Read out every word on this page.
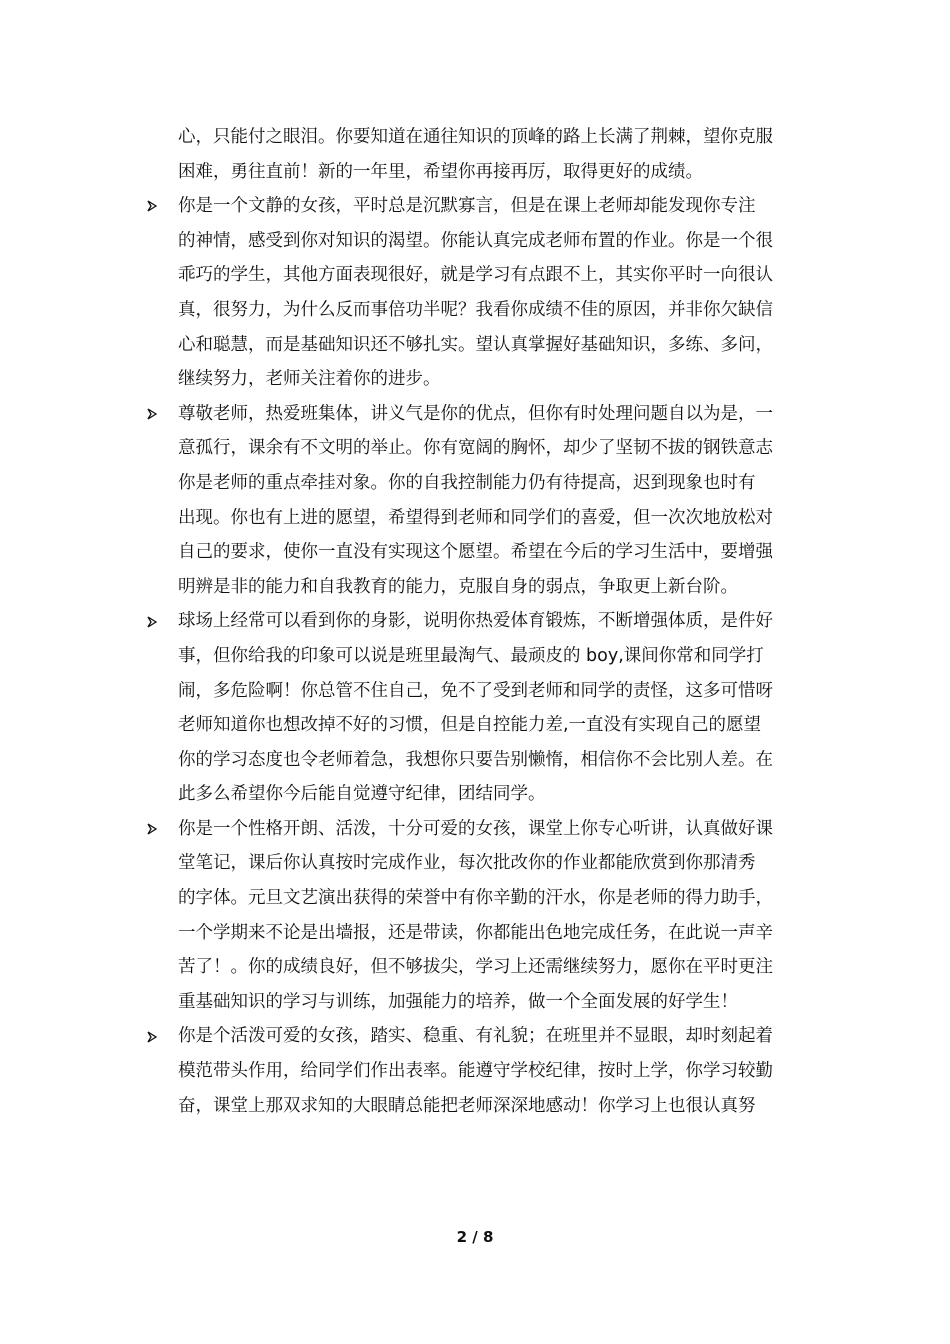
心，只能付之眼泪。你要知道在通往知识的顶峰的路上长满了荆棘，望你克服
困难，勇往直前！新的一年里，希望你再接再厉，取得更好的成绩。
你是一个文静的女孩，平时总是沉默寡言，但是在课上老师却能发现你专注
的神情，感受到你对知识的渴望。你能认真完成老师布置的作业。你是一个很
乖巧的学生，其他方面表现很好，就是学习有点跟不上，其实你平时一向很认
真，很努力，为什么反而事倍功半呢？我看你成绩不佳的原因，并非你欠缺信
心和聪慧，而是基础知识还不够扎实。望认真掌握好基础知识，多练、多问，
继续努力，老师关注着你的进步。
尊敬老师，热爱班集体，讲义气是你的优点，但你有时处理问题自以为是，一
意孤行，课余有不文明的举止。你有宽阔的胸怀，却少了坚韧不拔的钢铁意志
你是老师的重点牵挂对象。你的自我控制能力仍有待提高，迟到现象也时有
出现。你也有上进的愿望，希望得到老师和同学们的喜爱，但一次次地放松对
自己的要求，使你一直没有实现这个愿望。希望在今后的学习生活中，要增强
明辨是非的能力和自我教育的能力，克服自身的弱点，争取更上新台阶。
球场上经常可以看到你的身影，说明你热爱体育锻炼，不断增强体质，是件好
事，但你给我的印象可以说是班里最淘气、最顽皮的 boy,课间你常和同学打
闹，多危险啊！你总管不住自己，免不了受到老师和同学的责怪，这多可惜呀
老师知道你也想改掉不好的习惯，但是自控能力差,一直没有实现自己的愿望
你的学习态度也令老师着急，我想你只要告别懒惰，相信你不会比别人差。在
此多么希望你今后能自觉遵守纪律，团结同学。
你是一个性格开朗、活泼，十分可爱的女孩，课堂上你专心听讲，认真做好课
堂笔记，课后你认真按时完成作业，每次批改你的作业都能欣赏到你那清秀
的字体。元旦文艺演出获得的荣誉中有你辛勤的汗水，你是老师的得力助手，
一个学期来不论是出墙报，还是带读，你都能出色地完成任务，在此说一声辛
苦了！。你的成绩良好，但不够拔尖，学习上还需继续努力，愿你在平时更注
重基础知识的学习与训练，加强能力的培养，做一个全面发展的好学生！
你是个活泼可爱的女孩，踏实、稳重、有礼貌；在班里并不显眼，却时刻起着
模范带头作用，给同学们作出表率。能遵守学校纪律，按时上学，你学习较勤
奋，课堂上那双求知的大眼睛总能把老师深深地感动！你学习上也很认真努
2 / 8
